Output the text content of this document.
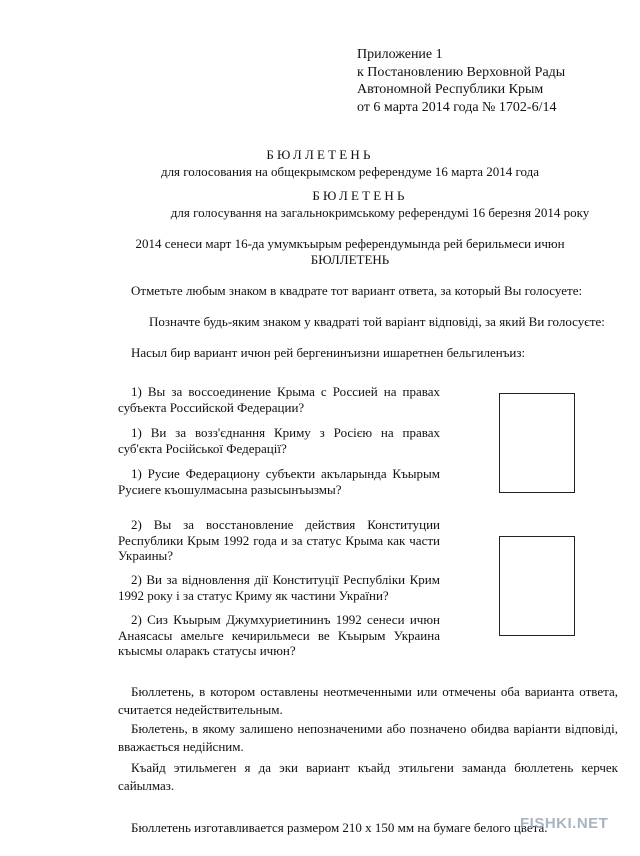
Приложение 1
к Постановлению Верховной Рады
Автономной Республики Крым
от 6 марта 2014 года № 1702-6/14
БЮЛЛЕТЕНЬ
для голосования на общекрымском референдуме 16 марта 2014 года
БЮЛЕТЕНЬ
для голосування на загальнокримському референдумі 16 березня 2014 року
2014 сенеси март 16-да умумкъырым референдумында рей берильмеси ичюн
БЮЛЛЕТЕНЬ
Отметьте любым знаком в квадрате тот вариант ответа, за который Вы голосуете:
Позначте будь-яким знаком у квадраті той варіант відповіді, за який Ви голосуєте:
Насыл бир вариант ичюн рей бергенинъизни ишаретнен бельгиленъиз:
1) Вы за воссоединение Крыма с Россией на правах субъекта Российской Федерации?
1) Ви за возз'єднання Криму з Росією на правах суб'єкта Російської Федерації?
1) Русие Федерациону субъекти акъларында Къырым Русиеге къошулмасына разысынъызмы?
2) Вы за восстановление действия Конституции Республики Крым 1992 года и за статус Крыма как части Украины?
2) Ви за відновлення дії Конституції Республіки Крим 1992 року і за статус Криму як частини України?
2) Сиз Къырым Джумхуриетининъ 1992 сенеси ичюн Анаясасы амельге кечирильмеси ве Къырым Украина къысмы оларакъ статусы ичюн?
Бюллетень, в котором оставлены неотмеченными или отмечены оба варианта ответа, считается недействительным.
Бюлетень, в якому залишено непозначеними або позначено обидва варіанти відповіді, вважається недійсним.
Къайд этильмеген я да эки вариант къайд этильгени заманда бюллетень керчек сайылмаз.
Бюллетень изготавливается размером 210 х 150 мм на бумаге белого цвета.
FISHKI.NET
